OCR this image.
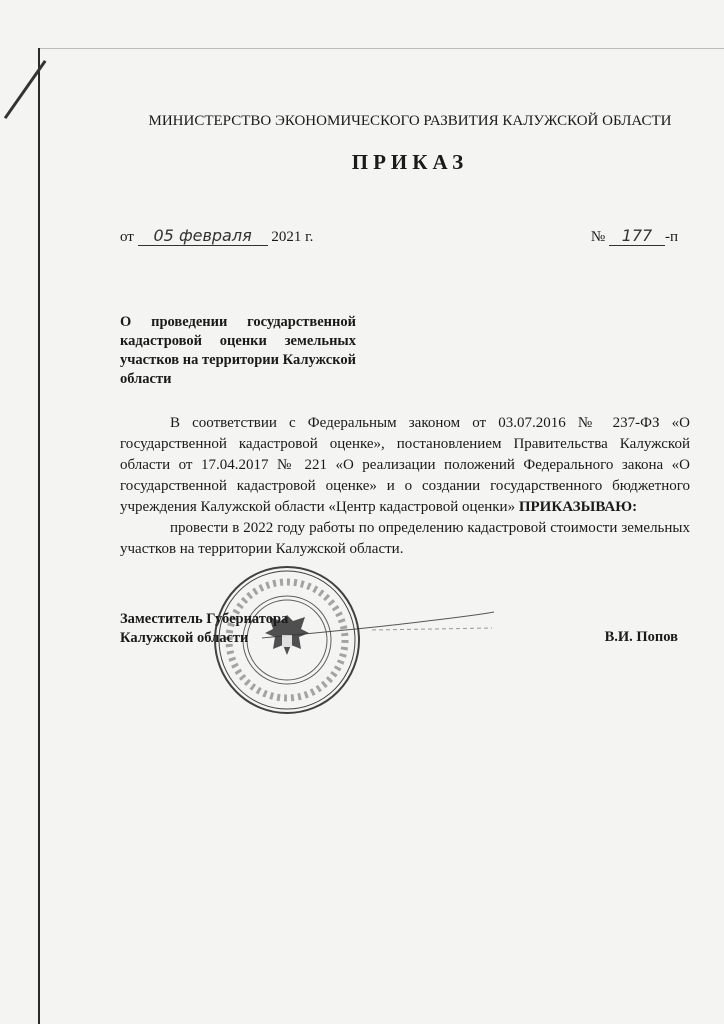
МИНИСТЕРСТВО ЭКОНОМИЧЕСКОГО РАЗВИТИЯ КАЛУЖСКОЙ ОБЛАСТИ
ПРИКАЗ
от 05 февраля 2021 г.	№ 177 -п
О проведении государственной кадастровой оценки земельных участков на территории Калужской области

В соответствии с Федеральным законом от 03.07.2016 № 237-ФЗ «О государственной кадастровой оценке», постановлением Правительства Калужской области от 17.04.2017 № 221 «О реализации положений Федерального закона «О государственной кадастровой оценке» и о создании государственного бюджетного учреждения Калужской области «Центр кадастровой оценки» ПРИКАЗЫВАЮ:

провести в 2022 году работы по определению кадастровой стоимости земельных участков на территории Калужской области.

Заместитель Губернатора
Калужской области	В.И. Попов
